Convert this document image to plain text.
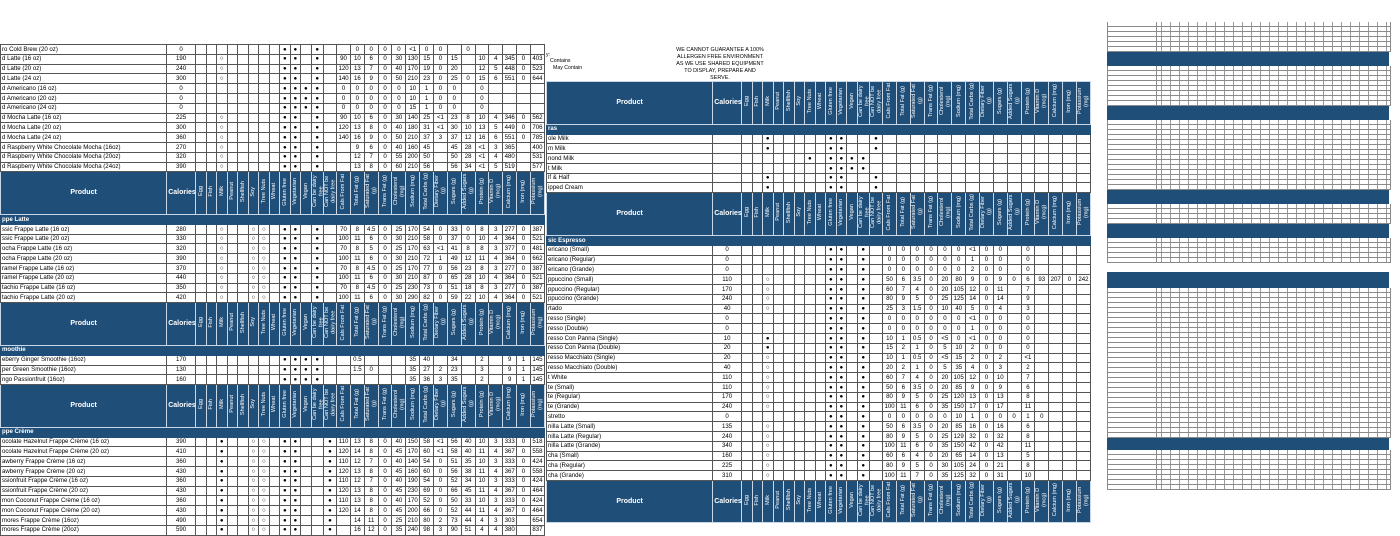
ro Cold Brew (20 oz)	0									●	●		●			0	0	0	0	<1	0	0		0					
d Latte (16 oz)	190			○						●	●		●		90	10	6	0	30	130	15	0	15		10	4	345	0	403
d Latte (20 oz)	240			○						●	●		●		120	13	7	0	40	170	19	0	20		12	5	448	0	523
d Latte (24 oz)	300			○						●	●		●		140	16	9	0	50	210	23	0	25	0	15	6	551	0	644
d Americano (16 oz)	0									●	●	●	●		0	0	0	0	0	10	1	0	0		0				
d Americano (20 oz)	0									●	●	●	●		0	0	0	0	0	10	1	0	0		0				
d Americano (24 oz)	0									●	●	●	●		0	0	0	0	0	15	1	0	0		0				
d Mocha Latte (16 oz)	225			○						●	●		●		90	10	6	0	30	140	25	<1	23	8	10	4	346	0	562
d Mocha Latte (20 oz)	300			○						●	●		●		120	13	8	0	40	180	31	<1	30	10	13	5	449	0	706
d Mocha Latte (24 oz)	360			○						●	●		●		140	16	9	0	50	210	37	3	37	12	16	6	551	0	785
d Raspberry White Chocolate Mocha (16oz)	270			○						●	●		●			9	6	0	40	160	45		45	28	<1	3	365		400
d Raspberry White Chocolate Mocha (20oz)	320			○						●	●		●			12	7	0	55	200	50		50	28	<1	4	480		531
d Raspberry White Chocolate Mocha (24oz)	390			○						●	●		●			13	8	0	60	210	56		56	34	<1	5	519		577
Product	Calories	Egg	Fish	Milk	Peanut	Shellfish	Soy	Tree Nuts	Wheat	Gluten free	Vegetarian	Vegan	Can be dairy free	Can NOT be dairy free	Cals From Fat	Total Fat (g)	Saturated Fat (g)	Trans Fat (g)	Cholesterol (mg)	Sodium (mg)	Total Carbs (g)	Dietary Fiber (g)	Sugars (g)	Added Sugars (g)	Protein (g)	Vitamin D (mcg)	Calcium (mg)	Iron (mg)	Potassium (mg)
ppe Latte																													
ssic Frappe Latte (16 oz)	280			○			○	○		●	●		●		70	8	4.5	0	25	170	54	0	33	0	8	3	277	0	387
ssic Frappe Latte (20 oz)	330			○			○	○		●	●		●		100	11	6	0	30	210	58	0	37	0	10	4	364	0	521
ocha Frappe Latte (16 oz)	320			○			○	○		●	●		●		70	8	5	0	25	170	63	<1	41	8	8	3	377	0	481
ocha Frappe Latte (20 oz)	390			○			○	○		●	●		●		100	11	6	0	30	210	72	1	49	12	11	4	364	0	662
ramel Frappe Latte (16 oz)	370			○			○	○		●	●		●		70	8	4.5	0	25	170	77	0	56	23	8	3	277	0	387
ramel Frappe Latte (20 oz)	440			○			○	○		●	●		●		100	11	6	0	30	210	87	0	65	28	10	4	364	0	521
tachio Frappe Latte (16 oz)	350			○			○	○		●	●		●		70	8	4.5	0	25	230	73	0	51	18	8	3	277	0	387
tachio Frappe Latte (20 oz)	420			○			○	○		●	●		●		100	11	6	0	30	290	82	0	59	22	10	4	364	0	521
Product	Calories	Egg	Fish	Milk	Peanut	Shellfish	Soy	Tree Nuts	Wheat	Gluten free	Vegetarian	Vegan	Can be dairy free	Can NOT be dairy free	Cals From Fat	Total Fat (g)	Saturated Fat (g)	Trans Fat (g)	Cholesterol (mg)	Sodium (mg)	Total Carbs (g)	Dietary Fiber (g)	Sugars (g)	Added Sugars (g)	Protein (g)	Vitamin D (mcg)	Calcium (mg)	Iron (mg)	Potassium (mg)
moothie																													
eberry Ginger Smoothie (16oz)	170									●	●	●	●			0.5				35	40		34		2		9	1	145
per Green Smoothie (16oz)	130									●	●	●	●			1.5	0			35	27	2	23		3		9	1	145
ngo Passionfruit (16oz)	160									●	●	●	●							35	36	3	35		2		9	1	145
Product	Calories	Egg	Fish	Milk	Peanut	Shellfish	Soy	Tree Nuts	Wheat	Gluten free	Vegetarian	Vegan	Can be dairy free	Can NOT be dairy free	Cals From Fat	Total Fat (g)	Saturated Fat (g)	Trans Fat (g)	Cholesterol (mg)	Sodium (mg)	Total Carbs (g)	Dietary Fiber (g)	Sugars (g)	Added Sugars (g)	Protein (g)	Vitamin D (mcg)	Calcium (mg)	Iron (mg)	Potassium (mg)
ppe Crème																													
ocolate Hazelnut Frappe Crème (16 oz)	390			●			○	○		●	●			●	110	13	8	0	40	150	58	<1	56	40	10	3	333	0	518
ocolate Hazelnut Frappe Crème (20 oz)	410			●			○	○		●	●			●	120	14	8	0	45	170	60	<1	58	40	11	4	367	0	558
awberry Frappe Crème (16 oz)	360			●			○	○		●	●			●	110	12	7	0	40	140	54	0	51	35	10	3	333	0	424
awberry Frappe Crème (20 oz)	430			●			○	○		●	●			●	120	13	8	0	45	160	60	0	56	38	11	4	367	0	558
ssionfruit Frappe Crème (16 oz)	360			●			○	○		●	●			●	110	12	7	0	40	190	54	0	52	34	10	3	333	0	424
ssionfruit Frappe Crème (20 oz)	430			●			○	○		●	●			●	120	13	8	0	45	230	69	0	66	45	11	4	367	0	464
mon Coconut Frappe Crème (16 oz)	360			●			○	○		●	●			●	110	13	8	0	40	170	52	0	50	33	10	3	333	0	424
mon Coconut Frappe Crème (20 oz)	430			●			○	○		●	●			●	120	14	8	0	45	200	66	0	52	44	11	4	367	0	464
mores Frappe Crème (16oz)	490			●			○	○		●	●			●		14	11	0	25	210	80	2	73	44	4	3	303		654
mores Frappe Crème (20oz)	590			●			○	○		●	●			●		16	12	0	35	240	98	3	90	51	4	4	380		837
y:
Contains
May Contain
WE CANNOT GUARANTEE A 100% ALLERGEN FREE ENVIRONMENT AS WE USE SHARED EQUIPMENT TO DISPLAY, PREPARE AND SERVE.
Product	Calories	Egg	Fish	Milk	Peanut	Shellfish	Soy	Tree Nuts	Wheat	Gluten free	Vegetarian	Vegan	Can be dairy free	Can NOT be dairy free	Cals From Fat	Total Fat (g)	Saturated Fat (g)	Trans Fat (g)	Cholesterol (mg)	Sodium (mg)	Total Carbs (g)	Dietary Fiber (g)	Sugars (g)	Added Sugars (g)	Protein (g)	Vitamin D (mcg)	Calcium (mg)	Iron (mg)	Potassium (mg)
ras																													
ole Milk				●						●	●			●															
m Milk				●						●	●			●															
nond Milk								●		●	●	●	●																
t Milk										●	●	●	●																
lf & Half				●						●	●			●															
ipped Cream				●						●	●			●															
Product	Calories	Egg	Fish	Milk	Peanut	Shellfish	Soy	Tree Nuts	Wheat	Gluten free	Vegetarian	Vegan	Can be dairy free	Can NOT be dairy free	Cals From Fat	Total Fat (g)	Saturated Fat (g)	Trans Fat (g)	Cholesterol (mg)	Sodium (mg)	Total Carbs (g)	Dietary Fiber (g)	Sugars (g)	Added Sugars (g)	Protein (g)	Vitamin D (mcg)	Calcium (mg)	Iron (mg)	Potassium (mg)
sic Espresso																													
ericano (Small)	0									●	●		●		0	0	0	0	0	0	<1	0	0		0				
ericano (Regular)	0									●	●		●		0	0	0	0	0	0	1	0	0		0				
ericano (Grande)	0									●	●		●		0	0	0	0	0	0	2	0	0		0				
ppuccino (Small)	110			○						●	●		●		50	6	3.5	0	20	80	9	0	9	0	6	93	207	0	242
ppuccino (Regular)	170			○						●	●		●		60	7	4	0	20	105	12	0	11		7				
ppuccino (Grande)	240			○						●	●		●		80	9	5	0	25	125	14	0	14		9				
rtado	40			○						●	●		●		25	3	1.5	0	10	40	5	0	4		3				
resso (Single)	0									●	●		●		0	0	0	0	0	0	<1	0	0		0				
resso (Double)	0									●	●		●		0	0	0	0	0	0	1	0	0		0				
resso Con Panna (Single)	10			●						●	●		●		10	1	0.5	0	<5	0	<1	0	0		0				
resso Con Panna (Double)	20			●						●	●		●		15	2	1	0	5	10	2	0	0		0				
resso Macchiato (Single)	20			○						●	●		●		10	1	0.5	0	<5	15	2	0	2		<1				
resso Macchiato (Double)	40			○						●	●		●		20	2	1	0	5	35	4	0	3		2				
t White	110			○						●	●		●		60	7	4	0	20	105	12	0	10		7				
te (Small)	110			○						●	●		●		50	6	3.5	0	20	85	9	0	9		6				
te (Regular)	170			○						●	●		●		80	9	5	0	25	120	13	0	13		8				
te (Grande)	240			○						●	●		●		100	11	6	0	35	150	17	0	17		11				
stretto	0									●	●		●		0	0	0	0	0	10	1	0	0	0	1	0			
nilla Latte (Small)	135			○						●	●		●		50	6	3.5	0	20	85	16	0	16		6				
nilla Latte (Regular)	240			○						●	●		●		80	9	5	0	25	129	32	0	32		8				
nilla Latte (Grande)	340			○						●	●		●		100	11	6	0	35	150	42	0	42		11				
cha (Small)	160			○						●	●		●		60	6	4	0	20	65	14	0	13		5				
cha (Regular)	225			○						●	●		●		80	9	5	0	30	105	24	0	21		8				
cha (Grande)	310			○						●	●		●		100	11	7	0	35	125	32	0	31		10				
Product	Calories	Egg	Fish	Milk	Peanut	Shellfish	Soy	Tree Nuts	Wheat	Gluten free	Vegetarian	Vegan	Can be dairy free	Can NOT be dairy free	Cals From Fat	Total Fat (g)	Saturated Fat (g)	Trans Fat (g)	Cholesterol (mg)	Sodium (mg)	Total Carbs (g)	Dietary Fiber (g)	Sugars (g)	Added Sugars (g)	Protein (g)	Vitamin D (mcg)	Calcium (mg)	Iron (mg)	Potassium (mg)
